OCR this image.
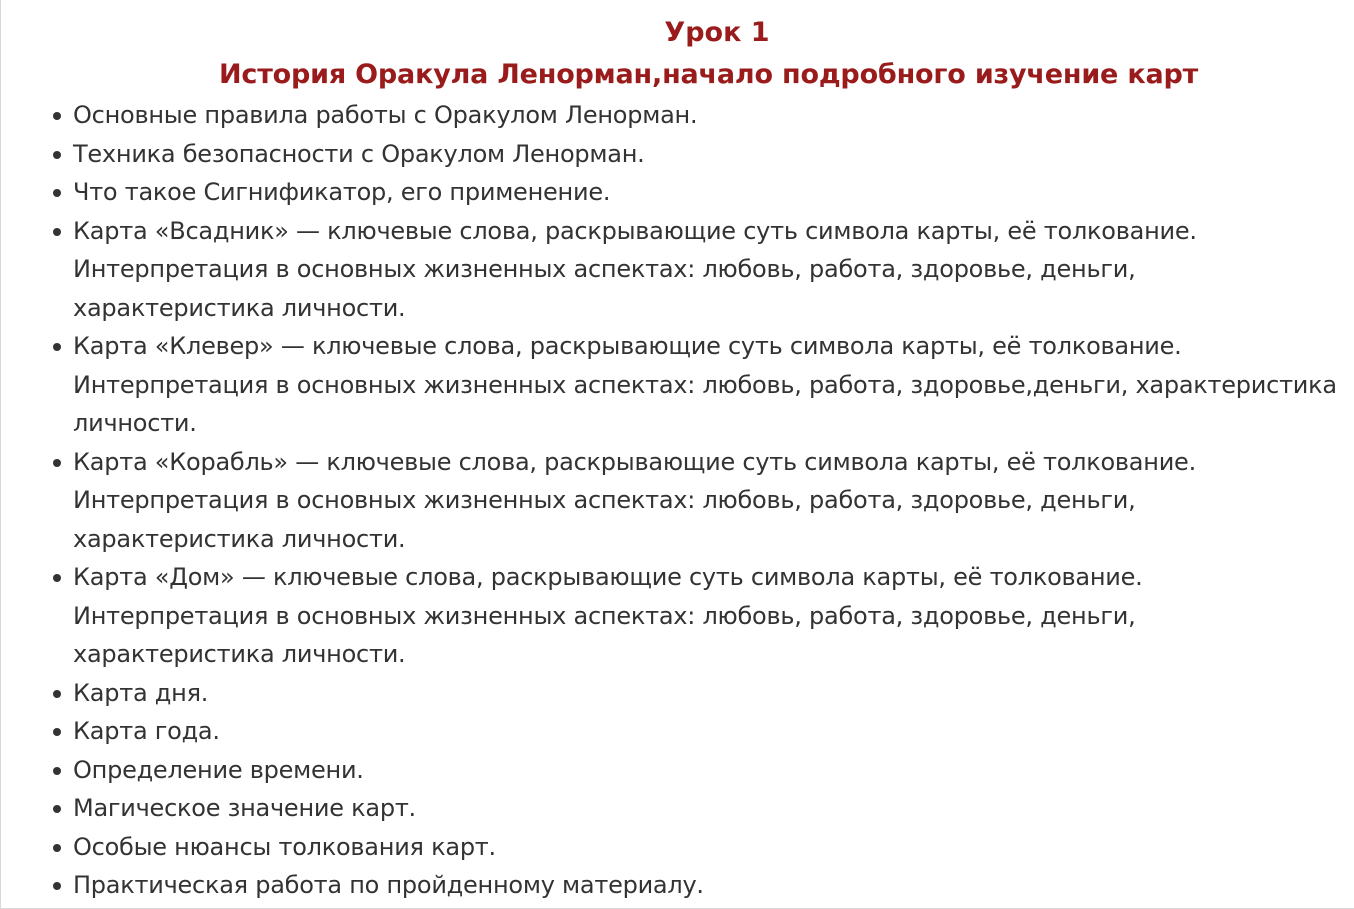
Урок 1
История Оракула Ленорман,начало подробного изучение карт
Основные правила работы с Оракулом Ленорман.
Техника безопасности с Оракулом Ленорман.
Что такое Сигнификатор, его применение.
Карта «Всадник» — ключевые слова, раскрывающие суть символа карты, её толкование. Интерпретация в основных жизненных аспектах: любовь, работа, здоровье, деньги, характеристика личности.
Карта «Клевер» — ключевые слова, раскрывающие суть символа карты, её толкование. Интерпретация в основных жизненных аспектах: любовь, работа, здоровье,деньги, характеристика личности.
Карта «Корабль» — ключевые слова, раскрывающие суть символа карты, её толкование. Интерпретация в основных жизненных аспектах: любовь, работа, здоровье, деньги, характеристика личности.
Карта «Дом» — ключевые слова, раскрывающие суть символа карты, её толкование. Интерпретация в основных жизненных аспектах: любовь, работа, здоровье, деньги, характеристика личности.
Карта дня.
Карта года.
Определение времени.
Магическое значение карт.
Особые нюансы толкования карт.
Практическая работа по пройденному материалу.
